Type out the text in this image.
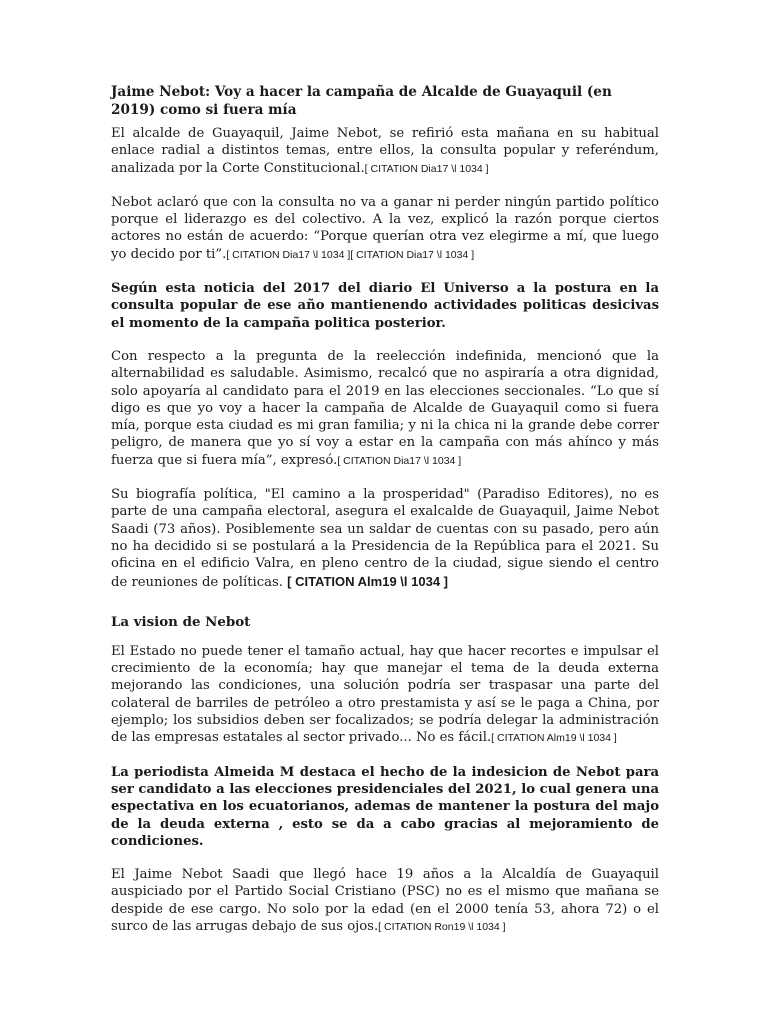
Jaime Nebot: Voy a hacer la campaña de Alcalde de Guayaquil (en 2019) como si fuera mía

El alcalde de Guayaquil, Jaime Nebot, se refirió esta mañana en su habitual enlace radial a distintos temas, entre ellos, la consulta popular y referéndum, analizada por la Corte Constitucional.[ CITATION Dia17 \l 1034 ]

Nebot aclaró que con la consulta no va a ganar ni perder ningún partido político porque el liderazgo es del colectivo. A la vez, explicó la razón porque ciertos actores no están de acuerdo: “Porque querían otra vez elegirme a mí, que luego yo decido por ti”.[ CITATION Dia17 \l 1034 ][ CITATION Dia17 \l 1034 ]

Según esta noticia del 2017 del diario El Universo a la postura en la consulta popular de ese año mantienendo actividades politicas desicivas el momento de la campaña politica posterior.

Con respecto a la pregunta de la reelección indefinida, mencionó que la alternabilidad es saludable. Asimismo, recalcó que no aspiraría a otra dignidad, solo apoyaría al candidato para el 2019 en las elecciones seccionales. “Lo que sí digo es que yo voy a hacer la campaña de Alcalde de Guayaquil como si fuera mía, porque esta ciudad es mi gran familia; y ni la chica ni la grande debe correr peligro, de manera que yo sí voy a estar en la campaña con más ahínco y más fuerza que si fuera mía”, expresó.[ CITATION Dia17 \l 1034 ]

Su biografía política, "El camino a la prosperidad" (Paradiso Editores), no es parte de una campaña electoral, asegura el exalcalde de Guayaquil, Jaime Nebot Saadi (73 años). Posiblemente sea un saldar de cuentas con su pasado, pero aún no ha decidido si se postulará a la Presidencia de la República para el 2021. Su oficina en el edificio Valra, en pleno centro de la ciudad, sigue siendo el centro de reuniones de políticas. [ CITATION Alm19 \l 1034 ]

La vision de Nebot

El Estado no puede tener el tamaño actual, hay que hacer recortes e impulsar el crecimiento de la economía; hay que manejar el tema de la deuda externa mejorando las condiciones, una solución podría ser traspasar una parte del colateral de barriles de petróleo a otro prestamista y así se le paga a China, por ejemplo; los subsidios deben ser focalizados; se podría delegar la administración de las empresas estatales al sector privado... No es fácil.[ CITATION Alm19 \l 1034 ]

La periodista Almeida M destaca el hecho de la indesicion de Nebot para ser candidato a las elecciones presidenciales del 2021, lo cual genera una espectativa en los ecuatorianos, ademas de mantener la postura del majo de la deuda externa , esto se da a cabo gracias al mejoramiento de condiciones.

El Jaime Nebot Saadi que llegó hace 19 años a la Alcaldía de Guayaquil auspiciado por el Partido Social Cristiano (PSC) no es el mismo que mañana se despide de ese cargo. No solo por la edad (en el 2000 tenía 53, ahora 72) o el surco de las arrugas debajo de sus ojos.[ CITATION Ron19 \l 1034 ]
